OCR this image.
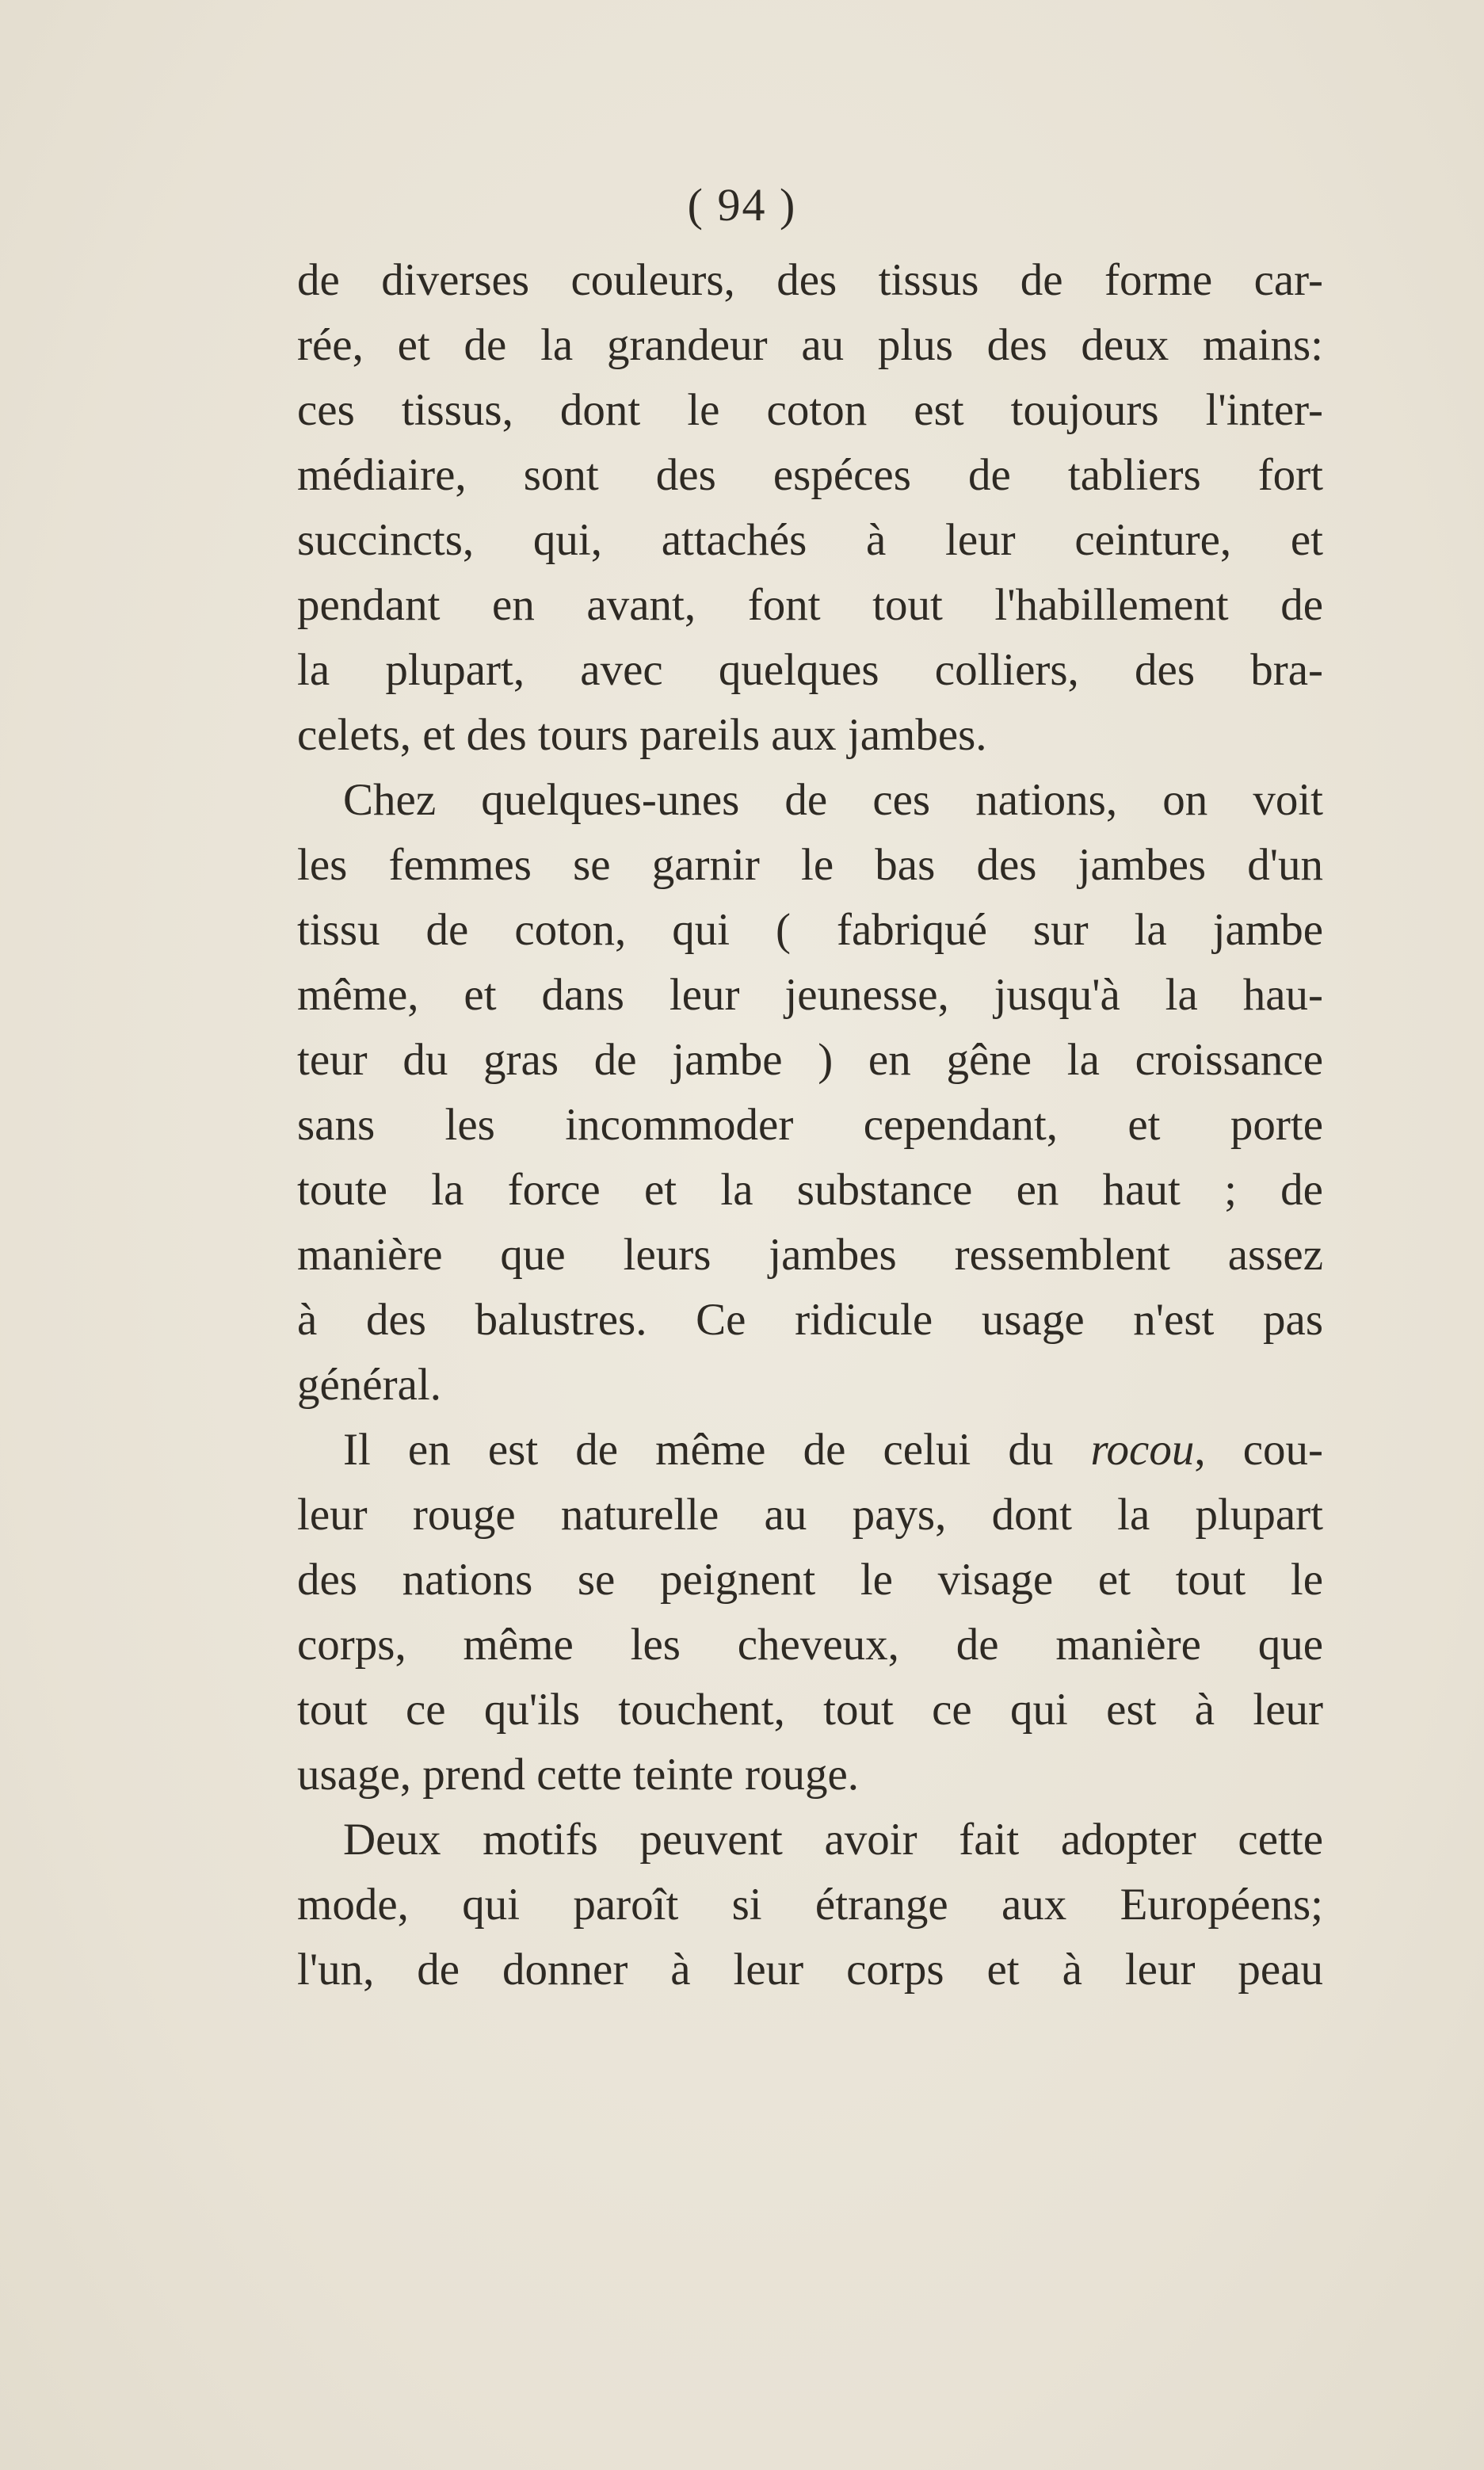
( 94 )
de diverses couleurs, des tissus de forme car-
rée, et de la grandeur au plus des deux mains:
ces tissus, dont le coton est toujours l'inter-
médiaire, sont des espéces de tabliers fort
succincts, qui, attachés à leur ceinture, et
pendant en avant, font tout l'habillement de
la plupart, avec quelques colliers, des bra-
celets, et des tours pareils aux jambes.
Chez quelques-unes de ces nations, on voit
les femmes se garnir le bas des jambes d'un
tissu de coton, qui ( fabriqué sur la jambe
même, et dans leur jeunesse, jusqu'à la hau-
teur du gras de jambe ) en gêne la croissance
sans les incommoder cependant, et porte
toute la force et la substance en haut ; de
manière que leurs jambes ressemblent assez
à des balustres. Ce ridicule usage n'est pas
général.
Il en est de même de celui du rocou, cou-
leur rouge naturelle au pays, dont la plupart
des nations se peignent le visage et tout le
corps, même les cheveux, de manière que
tout ce qu'ils touchent, tout ce qui est à leur
usage, prend cette teinte rouge.
Deux motifs peuvent avoir fait adopter cette
mode, qui paroît si étrange aux Européens;
l'un, de donner à leur corps et à leur peau
